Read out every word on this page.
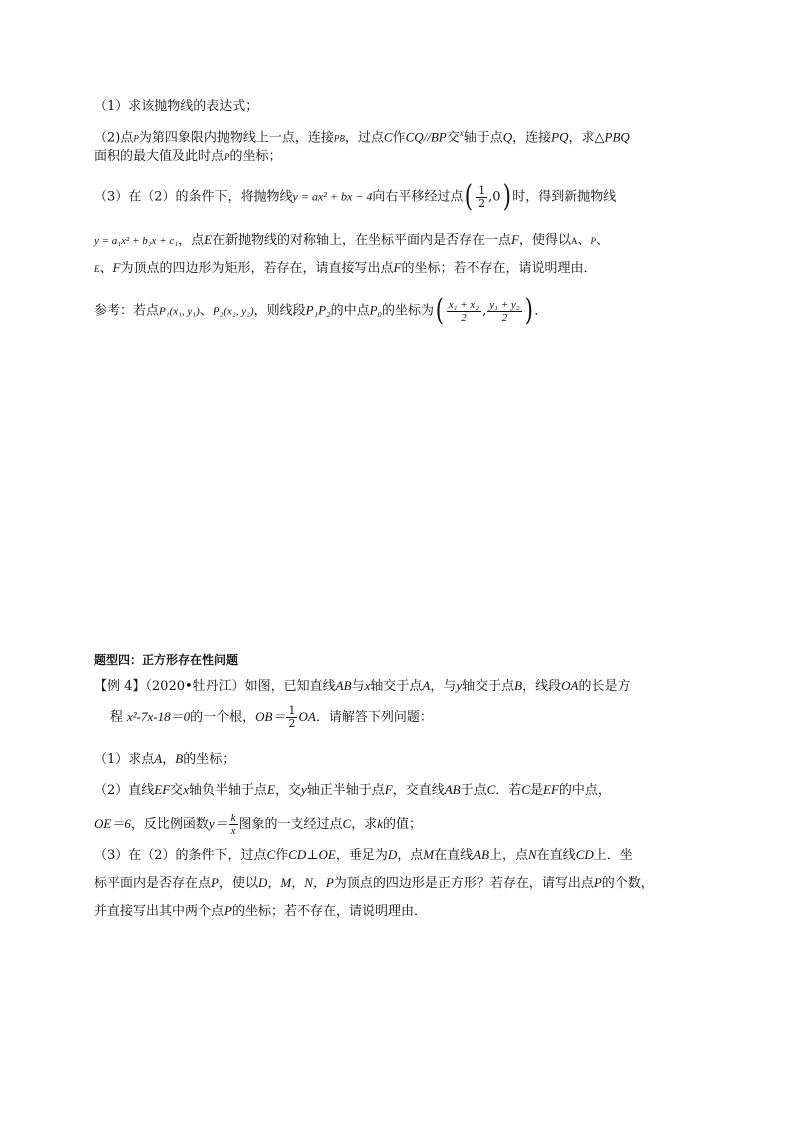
（1）求该抛物线的表达式；
（2)点P为第四象限内抛物线上一点，连接PB，过点C作CQ//BP交$^x$轴于点Q，连接PQ，求△PBQ
面积的最大值及此时点P的坐标；
（3）在（2）的条件下，将抛物线y = ax² + bx − 4向右平移经过点( $\frac{1}{2} ,0$) 时，得到新抛物线
y = a₁x² + b₁x + c₁，点E在新抛物线的对称轴上，在坐标平面内是否存在一点F，使得以A、P、
E、F为顶点的四边形为矩形，若存在，请直接写出点F的坐标；若不存在，请说明理由．
参考：若点P₁(x₁, y₁)、P₂(x₂, y₂)，则线段P₁P₂的中点P₀的坐标为( $\frac{\text{x₁ + x₂}}{2}$ , $\frac{\text{y₁ + y₂}}{2}$ ) ．
题型四：正方形存在性问题
【例 4】（2020•牡丹江）如图，已知直线AB与x轴交于点A，与y轴交于点B，线段OA的长是方
程 x²-7x-18＝0的一个根，$OB= \frac{1}{2}$ OA．请解答下列问题：
（1）求点A，B的坐标；
（2）直线EF交x轴负半轴于点E，交y轴正半轴于点F，交直线AB于点C．若C是EF的中点，
OE＝6，反比例函数$y= \frac{k}{x}$ 图象的一支经过点C，求k的值；
（3）在（2）的条件下，过点C作CD⊥OE，垂足为D，点M在直线AB上，点N在直线CD上．坐
标平面内是否存在点P，使以D，M，N，P为顶点的四边形是正方形？若存在，请写出点P的个数，
并直接写出其中两个点P的坐标；若不存在，请说明理由．
